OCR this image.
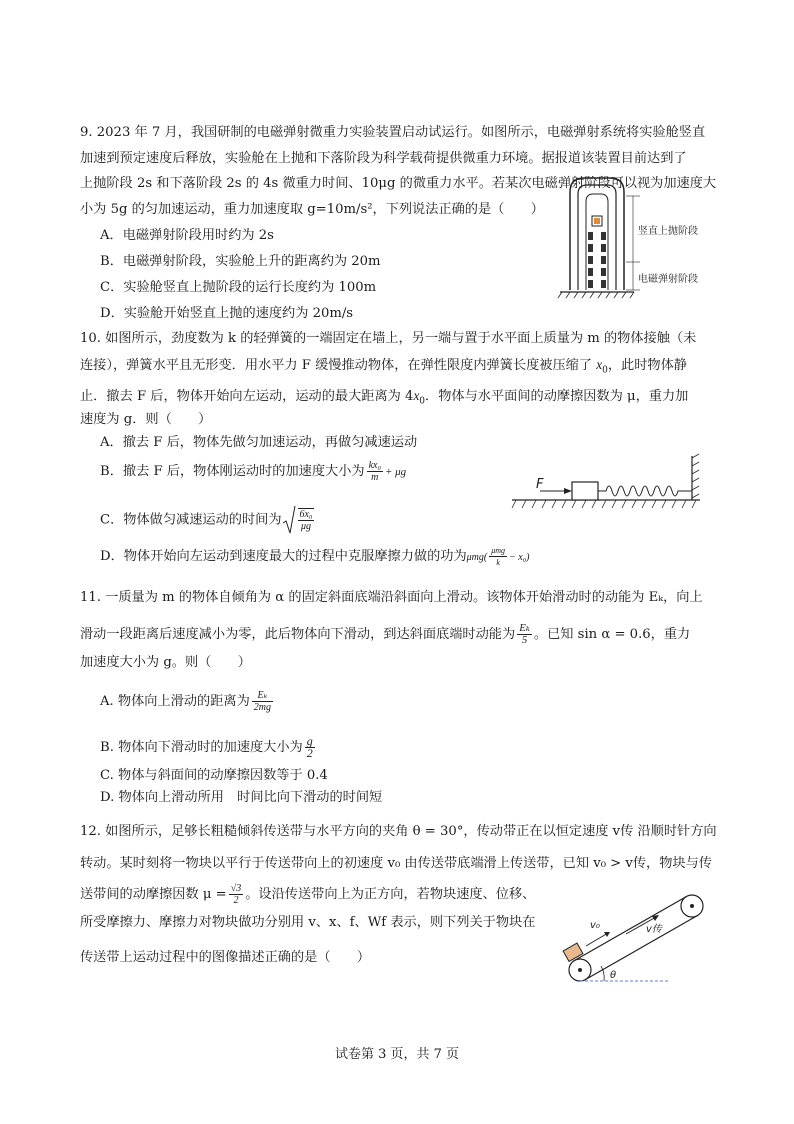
9. 2023 年 7 月，我国研制的电磁弹射微重力实验装置启动试运行。如图所示，电磁弹射系统将实验舱竖直
加速到预定速度后释放，实验舱在上抛和下落阶段为科学载荷提供微重力环境。据报道该装置目前达到了
上抛阶段 2s 和下落阶段 2s 的 4s 微重力时间、10μg 的微重力水平。若某次电磁弹射阶段可以视为加速度大
小为 5g 的匀加速运动，重力加速度取 g=10m/s²，下列说法正确的是（　　）
A．电磁弹射阶段用时约为 2s
B．电磁弹射阶段，实验舱上升的距离约为 20m
C．实验舱竖直上抛阶段的运行长度约为 100m
D．实验舱开始竖直上抛的速度约为 20m/s
竖直上抛阶段
电磁弹射阶段
10. 如图所示，劲度数为 k 的轻弹簧的一端固定在墙上，另一端与置于水平面上质量为 m 的物体接触（未
连接），弹簧水平且无形变．用水平力 F 缓慢推动物体，在弹性限度内弹簧长度被压缩了 $x_0$，此时物体静
止．撤去 F 后，物体开始向左运动，运动的最大距离为 $4x_0$．物体与水平面间的动摩擦因数为 μ，重力加
速度为 g．则（　　）
A．撤去 F 后，物体先做匀加速运动，再做匀减速运动
B．撤去 F 后，物体刚运动时的加速度大小为 $\frac{\text{kx₀}}{m} + \mu g$
C．物体做匀减速运动的时间为 $\frac{\text{6x₀}}{\mu g}$
D．物体开始向左运动到速度最大的过程中克服摩擦力做的功为$\mu mg( \frac{\text{μmg}}{k} - x_0)$
F
11. 一质量为 m 的物体自倾角为 α 的固定斜面底端沿斜面向上滑动。该物体开始滑动时的动能为 Eₖ，向上
滑动一段距离后速度减小为零，此后物体向下滑动，到达斜面底端时动能为 $\frac{\text{Eₖ}}{5}$ 。已知 sin α = 0.6，重力
加速度大小为 g。则（　　）
A. 物体向上滑动的距离为 $\frac{\text{Eₖ}}{2mg}$
B. 物体向下滑动时的加速度大小为 $\frac{g}{2}$
C. 物体与斜面间的动摩擦因数等于 0.4
D. 物体向上滑动所用　时间比向下滑动的时间短
12. 如图所示，足够长粗糙倾斜传送带与水平方向的夹角 θ = 30°，传动带正在以恒定速度 v传 沿顺时针方向
转动。某时刻将一物块以平行于传送带向上的初速度 v₀ 由传送带底端滑上传送带，已知 v₀ > v传，物块与传
送带间的动摩擦因数 $\mu = \frac{√3}{2}$ 。设沿传送带向上为正方向，若物块速度、位移、
所受摩擦力、摩擦力对物块做功分别用 v、x、f、Wf 表示，则下列关于物块在
传送带上运动过程中的图像描述正确的是（　　）
θ
v₀	v传
试卷第 3 页，共 7 页
